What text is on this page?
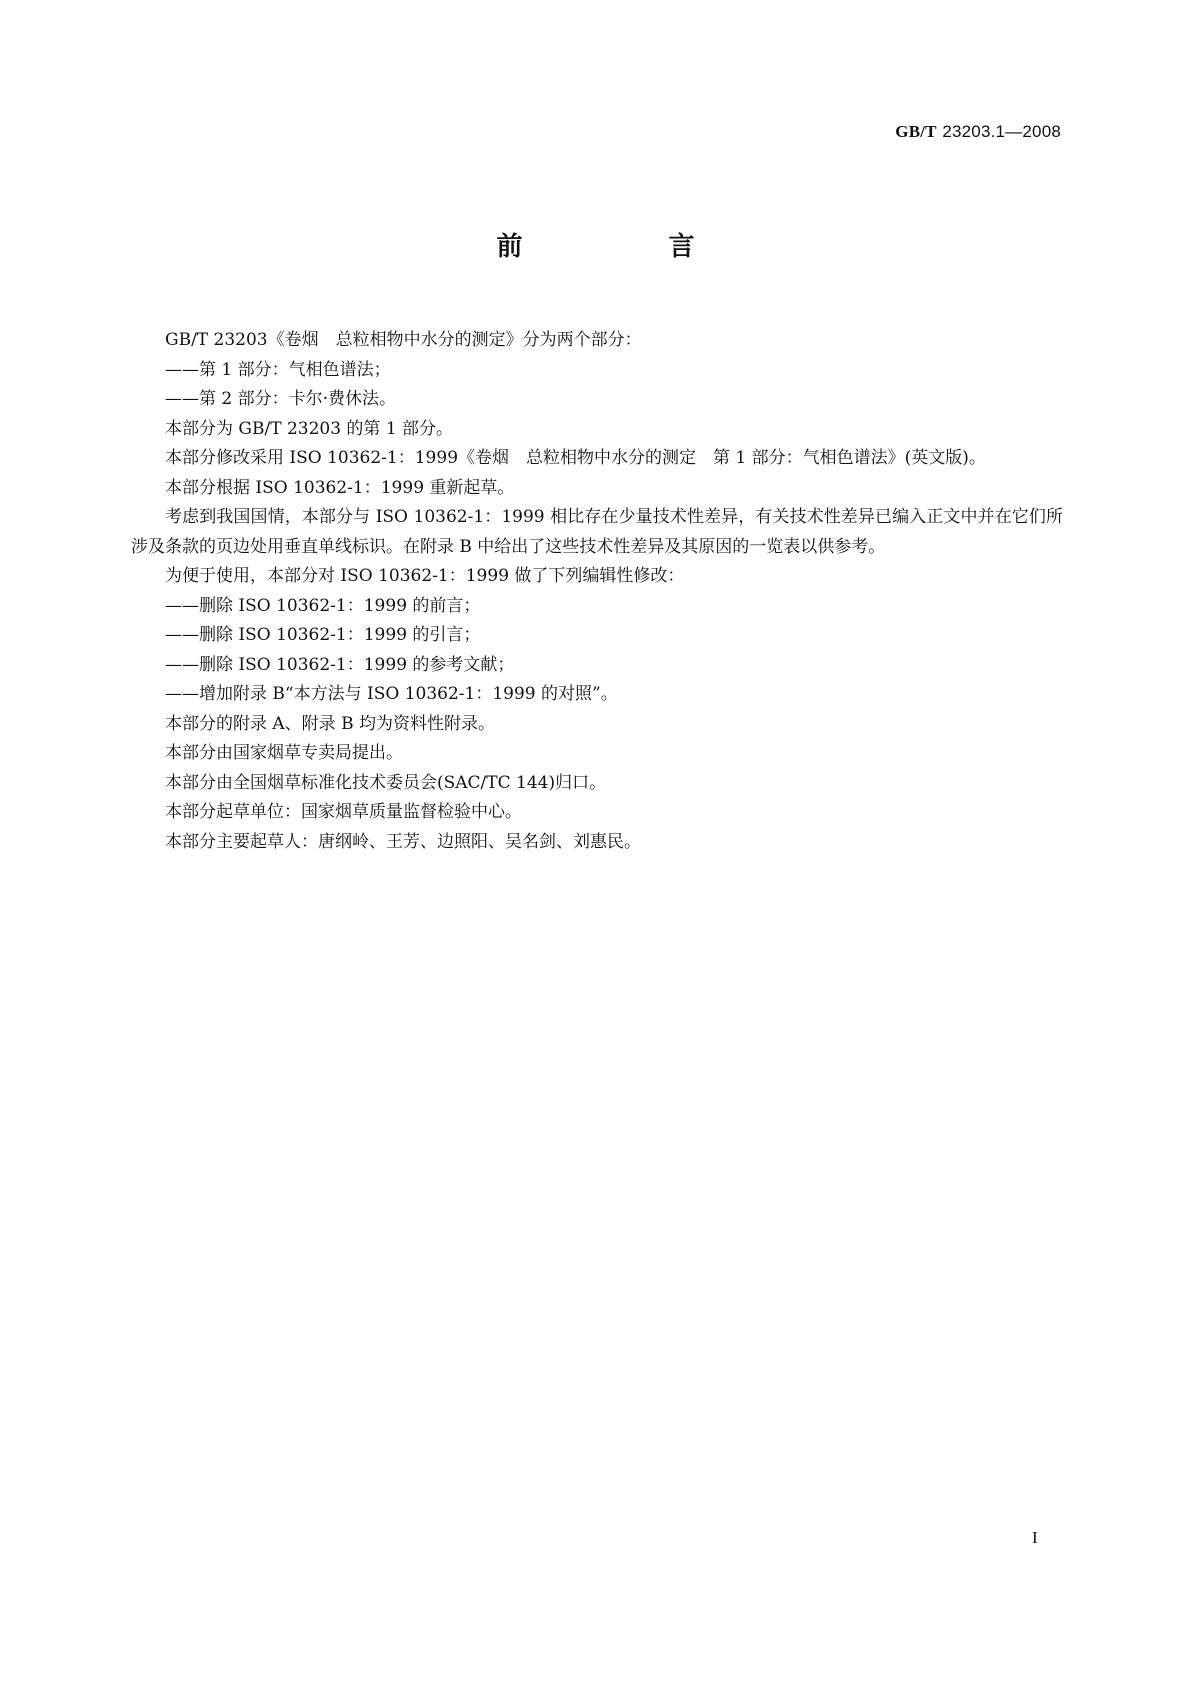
GB/T 23203.1—2008
前　言

GB/T 23203《卷烟　总粒相物中水分的测定》分为两个部分：

——第 1 部分：气相色谱法；

——第 2 部分：卡尔·费休法。

本部分为 GB/T 23203 的第 1 部分。

本部分修改采用 ISO 10362-1：1999《卷烟　总粒相物中水分的测定　第 1 部分：气相色谱法》(英文版)。

本部分根据 ISO 10362-1：1999 重新起草。

考虑到我国国情，本部分与 ISO 10362-1：1999 相比存在少量技术性差异，有关技术性差异已编入正文中并在它们所涉及条款的页边处用垂直单线标识。在附录 B 中给出了这些技术性差异及其原因的一览表以供参考。

为便于使用，本部分对 ISO 10362-1：1999 做了下列编辑性修改：

——删除 ISO 10362-1：1999 的前言；

——删除 ISO 10362-1：1999 的引言；

——删除 ISO 10362-1：1999 的参考文献；

——增加附录 B“本方法与 ISO 10362-1：1999 的对照”。

本部分的附录 A、附录 B 均为资料性附录。

本部分由国家烟草专卖局提出。

本部分由全国烟草标准化技术委员会(SAC/TC 144)归口。

本部分起草单位：国家烟草质量监督检验中心。

本部分主要起草人：唐纲岭、王芳、边照阳、吴名剑、刘惠民。

I
